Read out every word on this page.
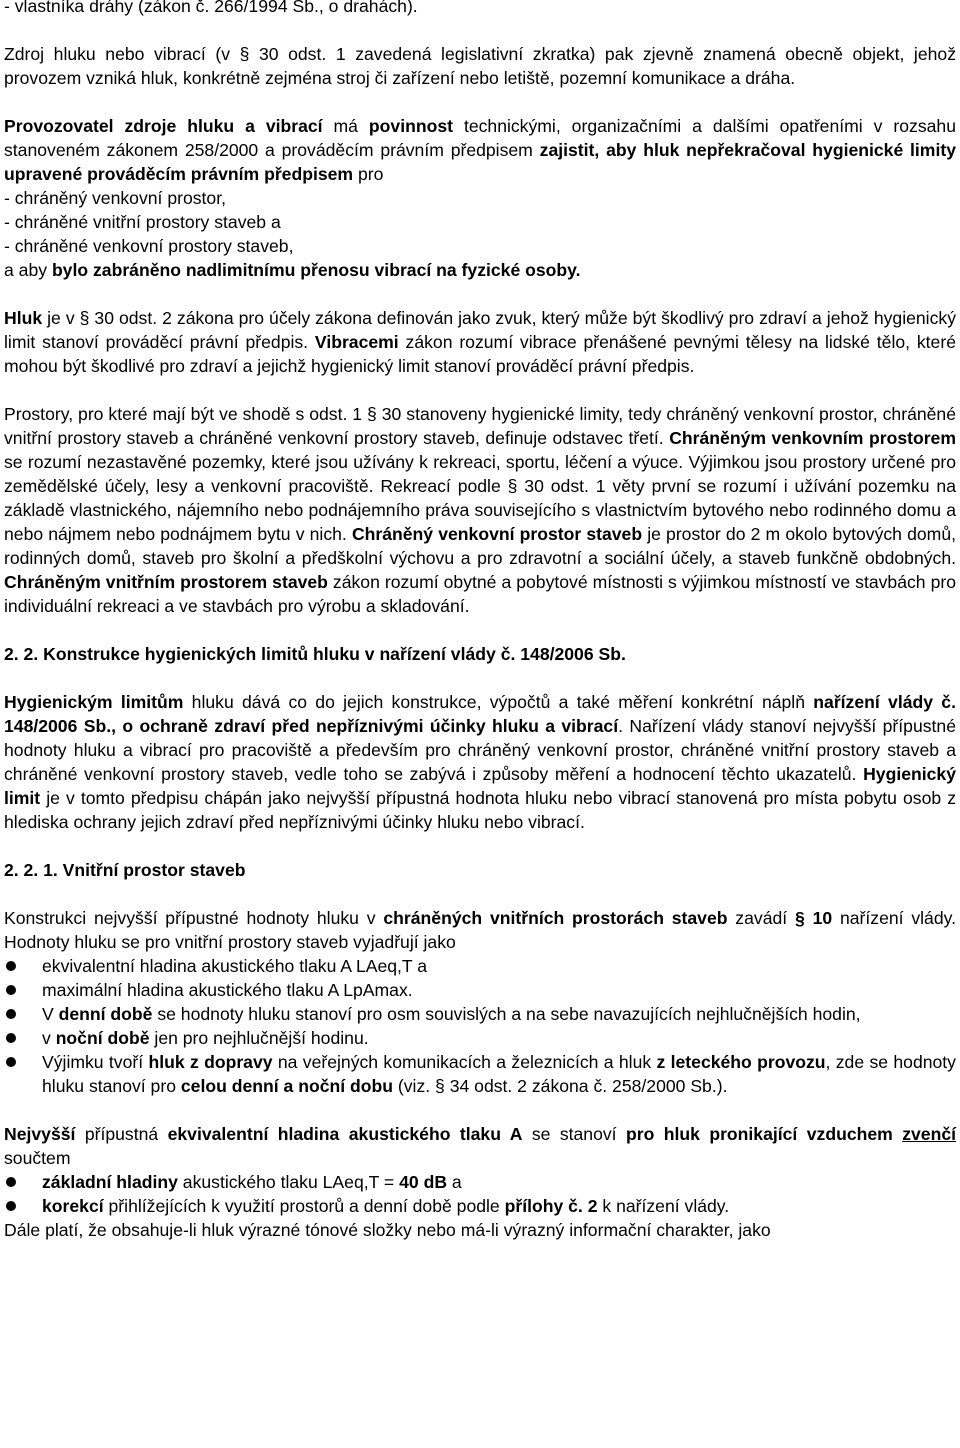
- vlastníka dráhy (zákon č. 266/1994 Sb., o drahách).

Zdroj hluku nebo vibrací (v § 30 odst. 1 zavedená legislativní zkratka) pak zjevně znamená obecně objekt, jehož provozem vzniká hluk, konkrétně zejména stroj či zařízení nebo letiště, pozemní komunikace a dráha.

Provozovatel zdroje hluku a vibrací má povinnost technickými, organizačními a dalšími opatřeními v rozsahu stanoveném zákonem 258/2000 a prováděcím právním předpisem zajistit, aby hluk nepřekračoval hygienické limity upravené prováděcím právním předpisem pro

- chráněný venkovní prostor,

- chráněné vnitřní prostory staveb a

- chráněné venkovní prostory staveb,

a aby bylo zabráněno nadlimitnímu přenosu vibrací na fyzické osoby.

Hluk je v § 30 odst. 2 zákona pro účely zákona definován jako zvuk, který může být škodlivý pro zdraví a jehož hygienický limit stanoví prováděcí právní předpis. Vibracemi zákon rozumí vibrace přenášené pevnými tělesy na lidské tělo, které mohou být škodlivé pro zdraví a jejichž hygienický limit stanoví prováděcí právní předpis.

Prostory, pro které mají být ve shodě s odst. 1 § 30 stanoveny hygienické limity, tedy chráněný venkovní prostor, chráněné vnitřní prostory staveb a chráněné venkovní prostory staveb, definuje odstavec třetí. Chráněným venkovním prostorem se rozumí nezastavěné pozemky, které jsou užívány k rekreaci, sportu, léčení a výuce. Výjimkou jsou prostory určené pro zemědělské účely, lesy a venkovní pracoviště. Rekreací podle § 30 odst. 1 věty první se rozumí i užívání pozemku na základě vlastnického, nájemního nebo podnájemního práva souvisejícího s vlastnictvím bytového nebo rodinného domu a nebo nájmem nebo podnájmem bytu v nich. Chráněný venkovní prostor staveb je prostor do 2 m okolo bytových domů, rodinných domů, staveb pro školní a předškolní výchovu a pro zdravotní a sociální účely, a staveb funkčně obdobných. Chráněným vnitřním prostorem staveb zákon rozumí obytné a pobytové místnosti s výjimkou místností ve stavbách pro individuální rekreaci a ve stavbách pro výrobu a skladování.

2. 2. Konstrukce hygienických limitů hluku v nařízení vlády č. 148/2006 Sb.

Hygienickým limitům hluku dává co do jejich konstrukce, výpočtů a také měření konkrétní náplň nařízení vlády č. 148/2006 Sb., o ochraně zdraví před nepříznivými účinky hluku a vibrací. Nařízení vlády stanoví nejvyšší přípustné hodnoty hluku a vibrací pro pracoviště a především pro chráněný venkovní prostor, chráněné vnitřní prostory staveb a chráněné venkovní prostory staveb, vedle toho se zabývá i způsoby měření a hodnocení těchto ukazatelů. Hygienický limit je v tomto předpisu chápán jako nejvyšší přípustná hodnota hluku nebo vibrací stanovená pro místa pobytu osob z hlediska ochrany jejich zdraví před nepříznivými účinky hluku nebo vibrací.

2. 2. 1. Vnitřní prostor staveb

Konstrukci nejvyšší přípustné hodnoty hluku v chráněných vnitřních prostorách staveb zavádí § 10 nařízení vlády. Hodnoty hluku se pro vnitřní prostory staveb vyjadřují jako

ekvivalentní hladina akustického tlaku A LAeq,T a
maximální hladina akustického tlaku A LpAmax.
V denní době se hodnoty hluku stanoví pro osm souvislých a na sebe navazujících nejhlučnějších hodin,
v noční době jen pro nejhlučnější hodinu.
Výjimku tvoří hluk z dopravy na veřejných komunikacích a železnicích a hluk z leteckého provozu, zde se hodnoty hluku stanoví pro celou denní a noční dobu (viz. § 34 odst. 2 zákona č. 258/2000 Sb.).

Nejvyšší přípustná ekvivalentní hladina akustického tlaku A se stanoví pro hluk pronikající vzduchem zvenčí součtem

základní hladiny akustického tlaku LAeq,T = 40 dB a
korekcí přihlížejících k využití prostorů a denní době podle přílohy č. 2 k nařízení vlády.

Dále platí, že obsahuje-li hluk výrazné tónové složky nebo má-li výrazný informační charakter, jako
